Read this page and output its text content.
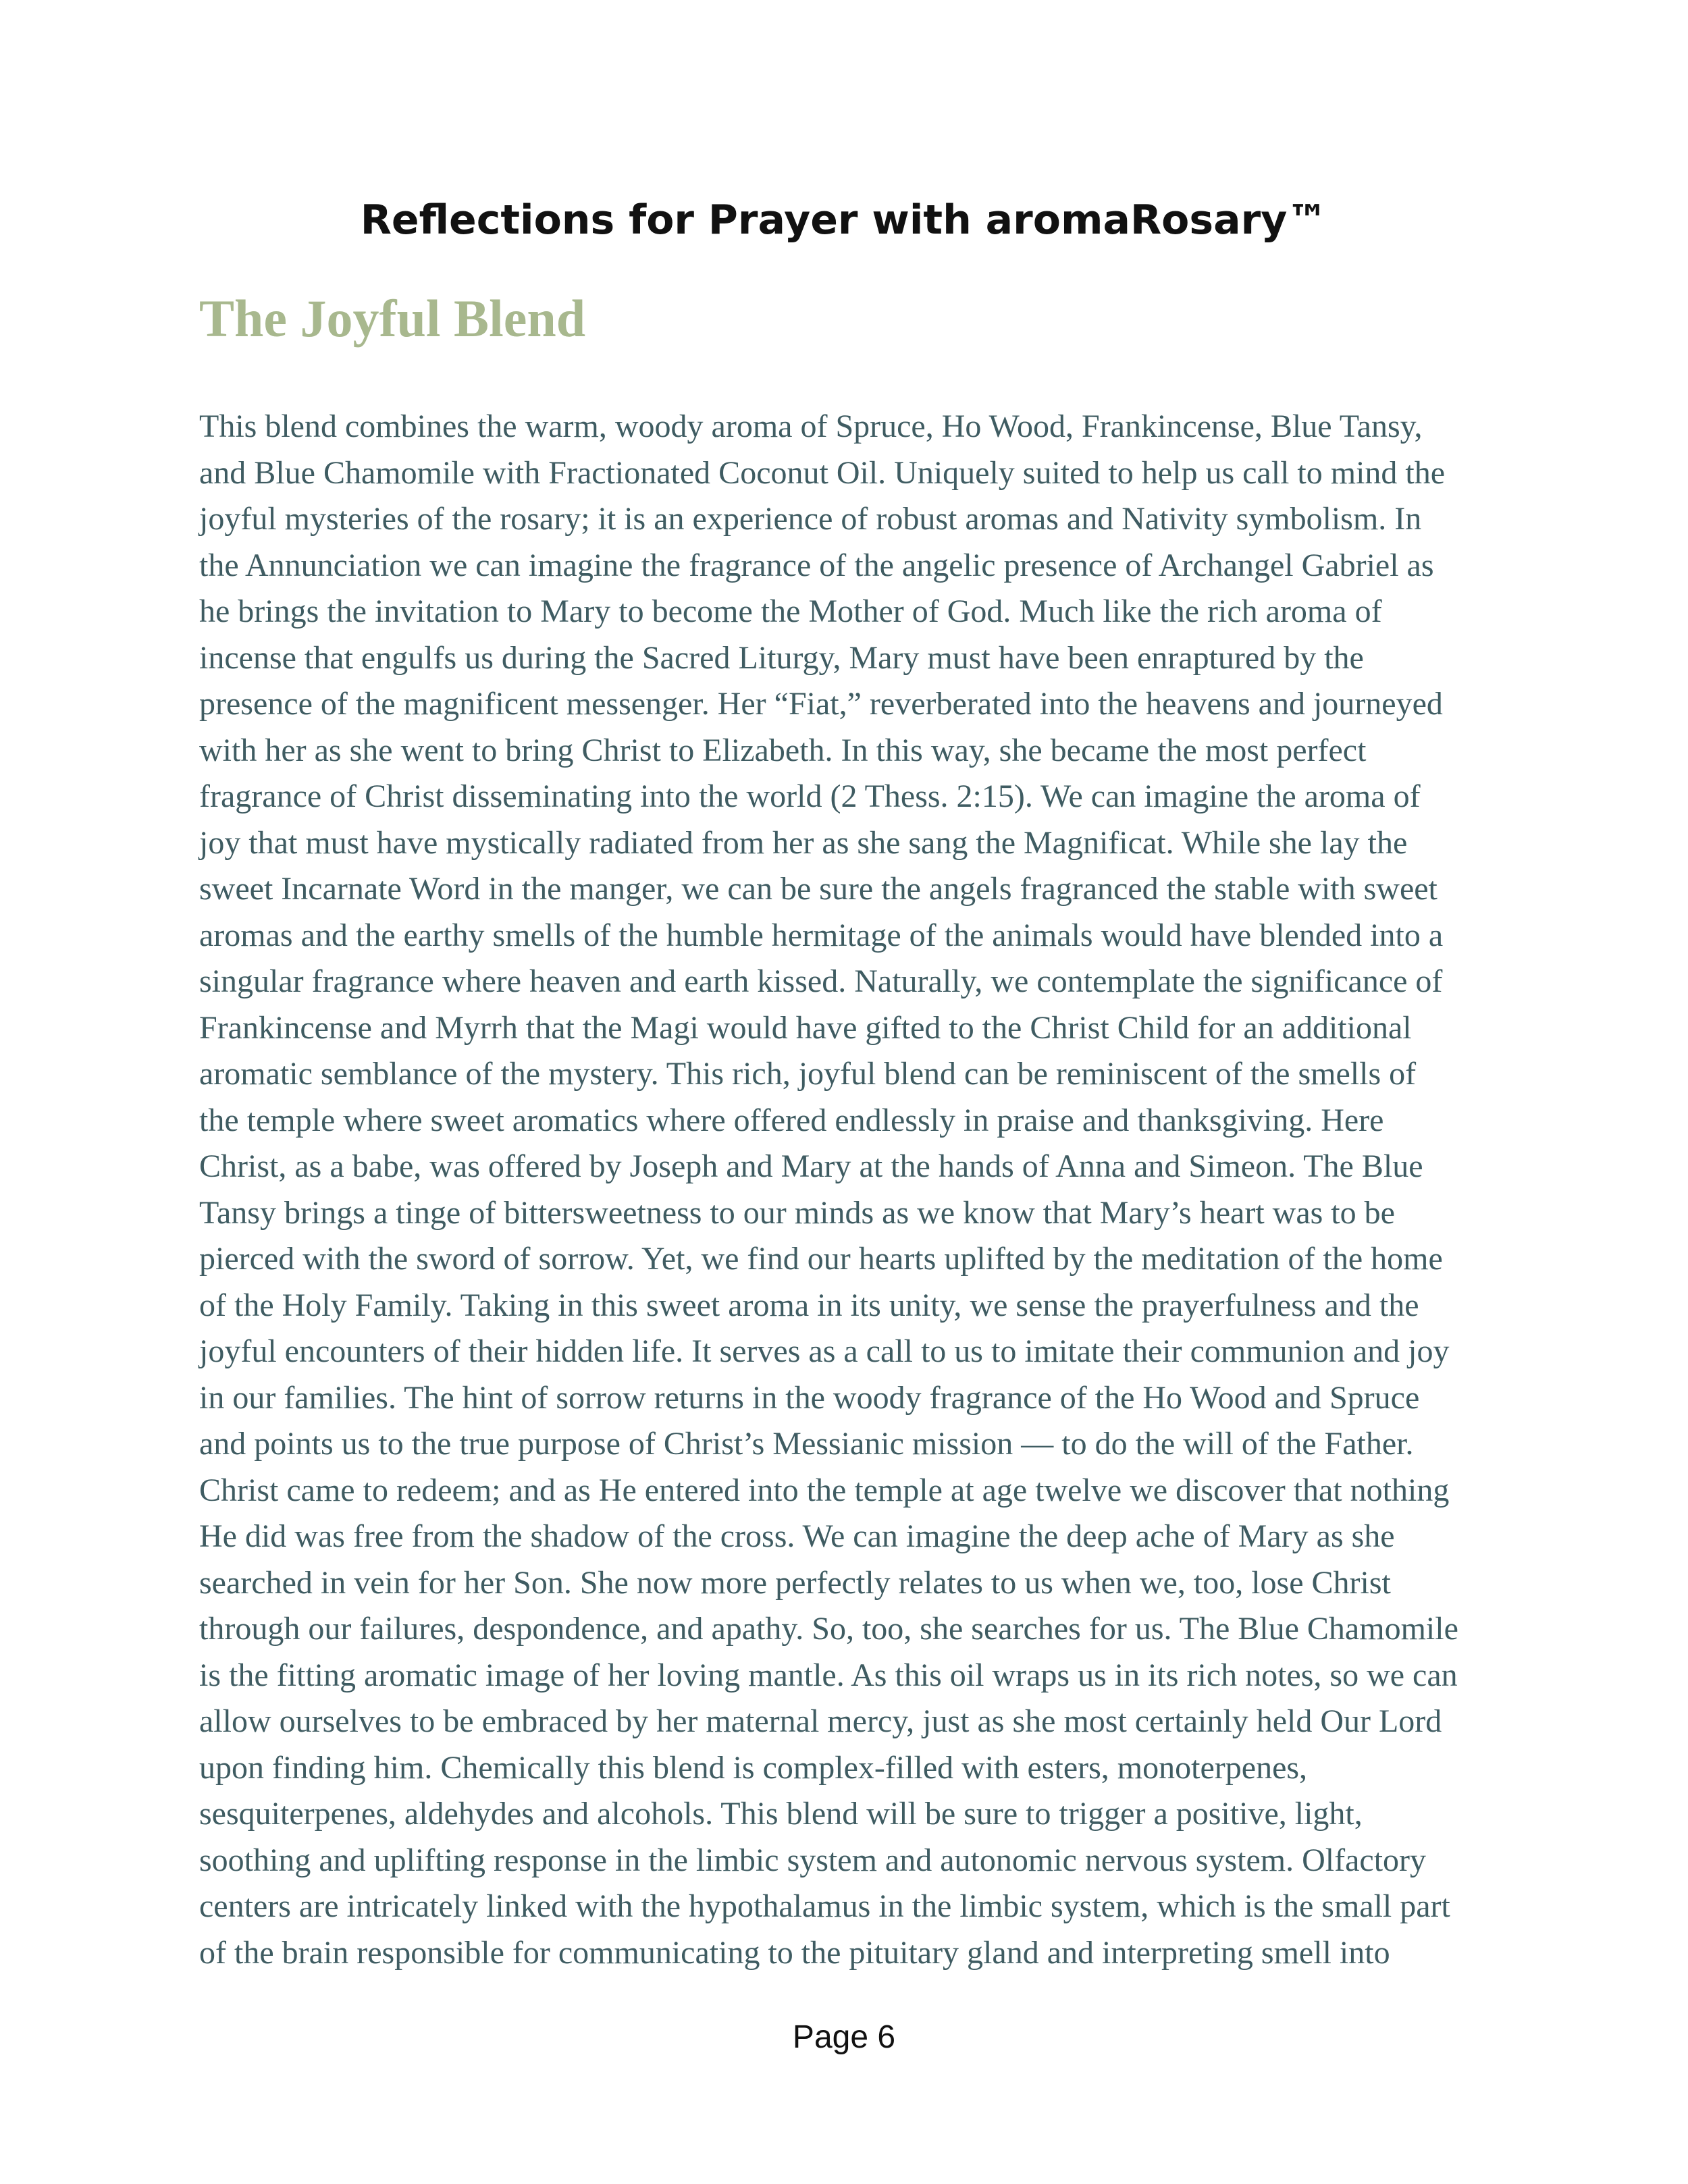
Reflections for Prayer with aromaRosary™
The Joyful Blend
This blend combines the warm, woody aroma of Spruce, Ho Wood, Frankincense, Blue Tansy,
and Blue Chamomile with Fractionated Coconut Oil. Uniquely suited to help us call to mind the
joyful mysteries of the rosary; it is an experience of robust aromas and Nativity symbolism. In
the Annunciation we can imagine the fragrance of the angelic presence of Archangel Gabriel as
he brings the invitation to Mary to become the Mother of God. Much like the rich aroma of
incense that engulfs us during the Sacred Liturgy, Mary must have been enraptured by the
presence of the magnificent messenger. Her “Fiat,” reverberated into the heavens and journeyed
with her as she went to bring Christ to Elizabeth. In this way, she became the most perfect
fragrance of Christ disseminating into the world (2 Thess. 2:15). We can imagine the aroma of
joy that must have mystically radiated from her as she sang the Magnificat. While she lay the
sweet Incarnate Word in the manger, we can be sure the angels fragranced the stable with sweet
aromas and the earthy smells of the humble hermitage of the animals would have blended into a
singular fragrance where heaven and earth kissed. Naturally, we contemplate the significance of
Frankincense and Myrrh that the Magi would have gifted to the Christ Child for an additional
aromatic semblance of the mystery. This rich, joyful blend can be reminiscent of the smells of
the temple where sweet aromatics where offered endlessly in praise and thanksgiving. Here
Christ, as a babe, was offered by Joseph and Mary at the hands of Anna and Simeon. The Blue
Tansy brings a tinge of bittersweetness to our minds as we know that Mary’s heart was to be
pierced with the sword of sorrow. Yet, we find our hearts uplifted by the meditation of the home
of the Holy Family. Taking in this sweet aroma in its unity, we sense the prayerfulness and the
joyful encounters of their hidden life. It serves as a call to us to imitate their communion and joy
in our families. The hint of sorrow returns in the woody fragrance of the Ho Wood and Spruce
and points us to the true purpose of Christ’s Messianic mission — to do the will of the Father.
Christ came to redeem; and as He entered into the temple at age twelve we discover that nothing
He did was free from the shadow of the cross. We can imagine the deep ache of Mary as she
searched in vein for her Son. She now more perfectly relates to us when we, too, lose Christ
through our failures, despondence, and apathy. So, too, she searches for us. The Blue Chamomile
is the fitting aromatic image of her loving mantle. As this oil wraps us in its rich notes, so we can
allow ourselves to be embraced by her maternal mercy, just as she most certainly held Our Lord
upon finding him. Chemically this blend is complex-filled with esters, monoterpenes,
sesquiterpenes, aldehydes and alcohols. This blend will be sure to trigger a positive, light,
soothing and uplifting response in the limbic system and autonomic nervous system. Olfactory
centers are intricately linked with the hypothalamus in the limbic system, which is the small part
of the brain responsible for communicating to the pituitary gland and interpreting smell into
Page 6
